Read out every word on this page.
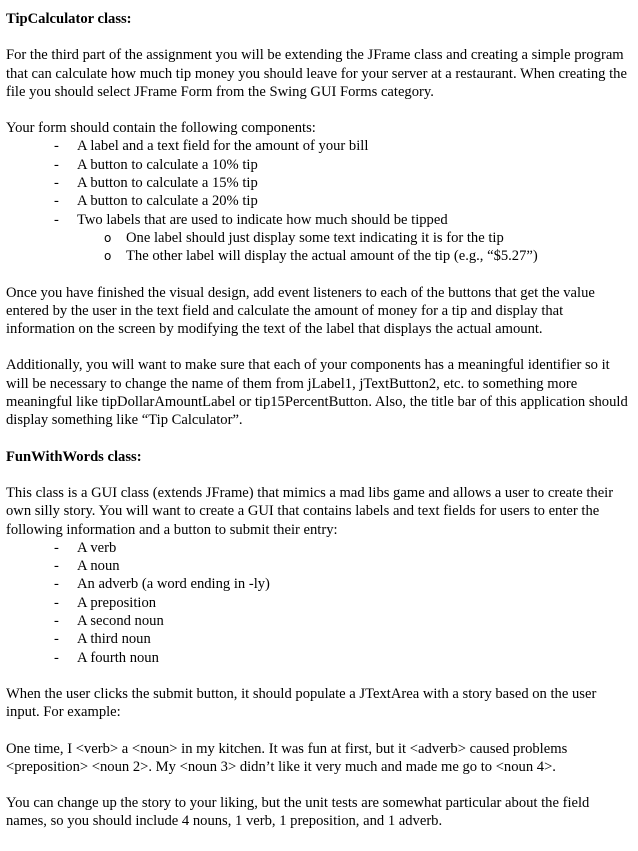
TipCalculator class:

For the third part of the assignment you will be extending the JFrame class and creating a simple program that can calculate how much tip money you should leave for your server at a restaurant. When creating the file you should select JFrame Form from the Swing GUI Forms category.

Your form should contain the following components:

- A label and a text field for the amount of your bill
- A button to calculate a 10% tip
- A button to calculate a 15% tip
- A button to calculate a 20% tip
- Two labels that are used to indicate how much should be tipped
o One label should just display some text indicating it is for the tip
o The other label will display the actual amount of the tip (e.g., “$5.27”)

Once you have finished the visual design, add event listeners to each of the buttons that get the value entered by the user in the text field and calculate the amount of money for a tip and display that information on the screen by modifying the text of the label that displays the actual amount.

Additionally, you will want to make sure that each of your components has a meaningful identifier so it will be necessary to change the name of them from jLabel1, jTextButton2, etc. to something more meaningful like tipDollarAmountLabel or tip15PercentButton. Also, the title bar of this application should display something like “Tip Calculator”.

FunWithWords class:

This class is a GUI class (extends JFrame) that mimics a mad libs game and allows a user to create their own silly story. You will want to create a GUI that contains labels and text fields for users to enter the following information and a button to submit their entry:

- A verb
- A noun
- An adverb (a word ending in -ly)
- A preposition
- A second noun
- A third noun
- A fourth noun

When the user clicks the submit button, it should populate a JTextArea with a story based on the user input. For example:

One time, I <verb> a <noun> in my kitchen. It was fun at first, but it <adverb> caused problems <preposition> <noun 2>. My <noun 3> didn’t like it very much and made me go to <noun 4>.

You can change up the story to your liking, but the unit tests are somewhat particular about the field names, so you should include 4 nouns, 1 verb, 1 preposition, and 1 adverb.
